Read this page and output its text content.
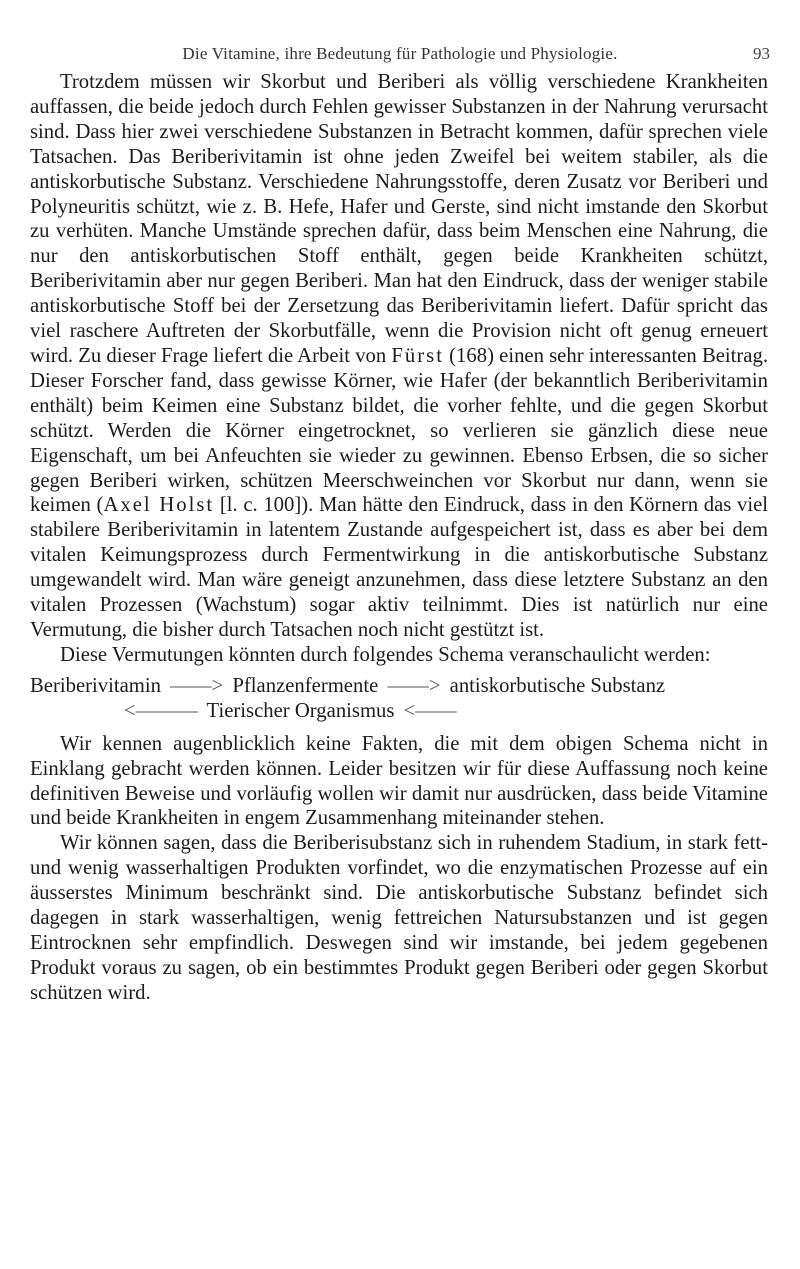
Die Vitamine, ihre Bedeutung für Pathologie und Physiologie.	93

Trotzdem müssen wir Skorbut und Beriberi als völlig verschiedene Krankheiten auffassen, die beide jedoch durch Fehlen gewisser Substanzen in der Nahrung verursacht sind. Dass hier zwei verschiedene Substanzen in Betracht kommen, dafür sprechen viele Tatsachen. Das Beriberivitamin ist ohne jeden Zweifel bei weitem stabiler, als die antiskorbutische Substanz. Verschiedene Nahrungsstoffe, deren Zusatz vor Beriberi und Polyneuritis schützt, wie z. B. Hefe, Hafer und Gerste, sind nicht imstande den Skorbut zu verhüten. Manche Umstände sprechen dafür, dass beim Menschen eine Nahrung, die nur den antiskorbutischen Stoff enthält, gegen beide Krankheiten schützt, Beriberivitamin aber nur gegen Beriberi. Man hat den Eindruck, dass der weniger stabile antiskorbutische Stoff bei der Zersetzung das Beriberivitamin liefert. Dafür spricht das viel raschere Auftreten der Skorbutfälle, wenn die Provision nicht oft genug erneuert wird. Zu dieser Frage liefert die Arbeit von Fürst (168) einen sehr interessanten Beitrag. Dieser Forscher fand, dass gewisse Körner, wie Hafer (der bekanntlich Beriberivitamin enthält) beim Keimen eine Substanz bildet, die vorher fehlte, und die gegen Skorbut schützt. Werden die Körner eingetrocknet, so verlieren sie gänzlich diese neue Eigenschaft, um bei Anfeuchten sie wieder zu gewinnen. Ebenso Erbsen, die so sicher gegen Beriberi wirken, schützen Meerschweinchen vor Skorbut nur dann, wenn sie keimen (Axel Holst [l. c. 100]). Man hätte den Eindruck, dass in den Körnern das viel stabilere Beriberivitamin in latentem Zustande aufgespeichert ist, dass es aber bei dem vitalen Keimungsprozess durch Fermentwirkung in die antiskorbutische Substanz umgewandelt wird. Man wäre geneigt anzunehmen, dass diese letztere Substanz an den vitalen Prozessen (Wachstum) sogar aktiv teilnimmt. Dies ist natürlich nur eine Vermutung, die bisher durch Tatsachen noch nicht gestützt ist.

Diese Vermutungen könnten durch folgendes Schema veranschaulicht werden:

Beriberivitamin ——> Pflanzenfermente ——> antiskorbutische Substanz
<——— Tierischer Organismus <——

Wir kennen augenblicklich keine Fakten, die mit dem obigen Schema nicht in Einklang gebracht werden können. Leider besitzen wir für diese Auffassung noch keine definitiven Beweise und vorläufig wollen wir damit nur ausdrücken, dass beide Vitamine und beide Krankheiten in engem Zusammenhang miteinander stehen.

Wir können sagen, dass die Beriberisubstanz sich in ruhendem Stadium, in stark fett- und wenig wasserhaltigen Produkten vorfindet, wo die enzymatischen Prozesse auf ein äusserstes Minimum beschränkt sind. Die antiskorbutische Substanz befindet sich dagegen in stark wasserhaltigen, wenig fettreichen Natursubstanzen und ist gegen Eintrocknen sehr empfindlich. Deswegen sind wir imstande, bei jedem gegebenen Produkt voraus zu sagen, ob ein bestimmtes Produkt gegen Beriberi oder gegen Skorbut schützen wird.
